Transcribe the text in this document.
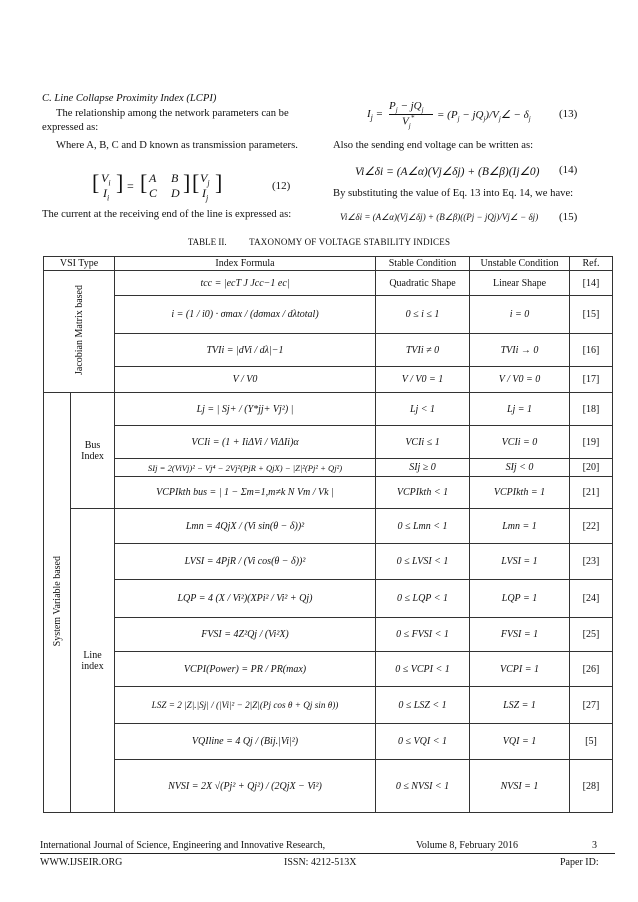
C. Line Collapse Proximity Index (LCPI)
The relationship among the network parameters can be expressed as:
Where A, B, C and D known as transmission parameters.
[ $V_i$
$I_i$
] = [ A B
C D ] [ $V_j$
$I_j$
]	(12)
The current at the receiving end of the line is expressed as:
$I_j$ =
$P_j - jQ_j$
$V_j^* = (P_j$ − $jQ_j)/V_j\angle - \delta_j$	(13)
Also the sending end voltage can be written as:
Vi∠δi = (A∠α)(Vj∠δj) + (B∠β)(Ij∠0) (14)
By substituting the value of Eq. 13 into Eq. 14, we have:
Vi∠δi = (A∠α)(Vj∠δj) + (B∠β)((Pj − jQj)/Vj∠ − δj) (15)
TABLE II.	TAXONOMY OF VOLTAGE STABILITY INDICES
VSI Type		Index Formula	Stable Condition	Unstable Condition	Ref.
Jacobian Matrix based		tcc = |ecT J Jcc−1 ec|	Quadratic Shape	Linear Shape	[14]
		i = (1 / i0) · σmax / (dσmax / dλtotal)	0 ≤ i ≤ 1	i = 0	[15]
		TVIi = |dVi / dλ|−1	TVIi ≠ 0	TVIi → 0	[16]
		V / V0	V / V0 = 1	V / V0 = 0	[17]
System Variable based	Bus Index	Lj = | Sj+ / (Y*jj+ Vj²) |	Lj < 1	Lj = 1	[18]
		VCIi = (1 + IiΔVi / ViΔIi)α	VCIi ≤ 1	VCIi = 0	[19]
		SIj = 2(ViVj)² − Vj⁴ − 2Vj²(PjR + QjX) − |Z|²(Pj² + Qj²)	SIj ≥ 0	SIj < 0	[20]
		VCPIkth bus = | 1 − Σm=1,m≠k N Vm / Vk |	VCPIkth < 1	VCPIkth = 1	[21]
	Line index	Lmn = 4QjX / (Vi sin(θ − δ))²	0 ≤ Lmn < 1	Lmn = 1	[22]
		LVSI = 4PjR / (Vi cos(θ − δ))²	0 ≤ LVSI < 1	LVSI = 1	[23]
		LQP = 4 (X / Vi²)(XPi² / Vi² + Qj)	0 ≤ LQP < 1	LQP = 1	[24]
		FVSI = 4Z²Qj / (Vi²X)	0 ≤ FVSI < 1	FVSI = 1	[25]
		VCPI(Power) = PR / PR(max)	0 ≤ VCPI < 1	VCPI = 1	[26]
		LSZ = 2 |Z|.|Sj| / (|Vi|² − 2|Z|(Pj cos θ + Qj sin θ))	0 ≤ LSZ < 1	LSZ = 1	[27]
		VQIline = 4 Qj / (Bij.|Vi|²)	0 ≤ VQI < 1	VQI = 1	[5]
		NVSI = 2X √(Pj² + Qj²) / (2QjX − Vi²)	0 ≤ NVSI < 1	NVSI = 1	[28]
International Journal of Science, Engineering and Innovative Research,	Volume 8, February 2016	3
WWW.IJSEIR.ORG	ISSN: 4212-513X	Paper ID:
